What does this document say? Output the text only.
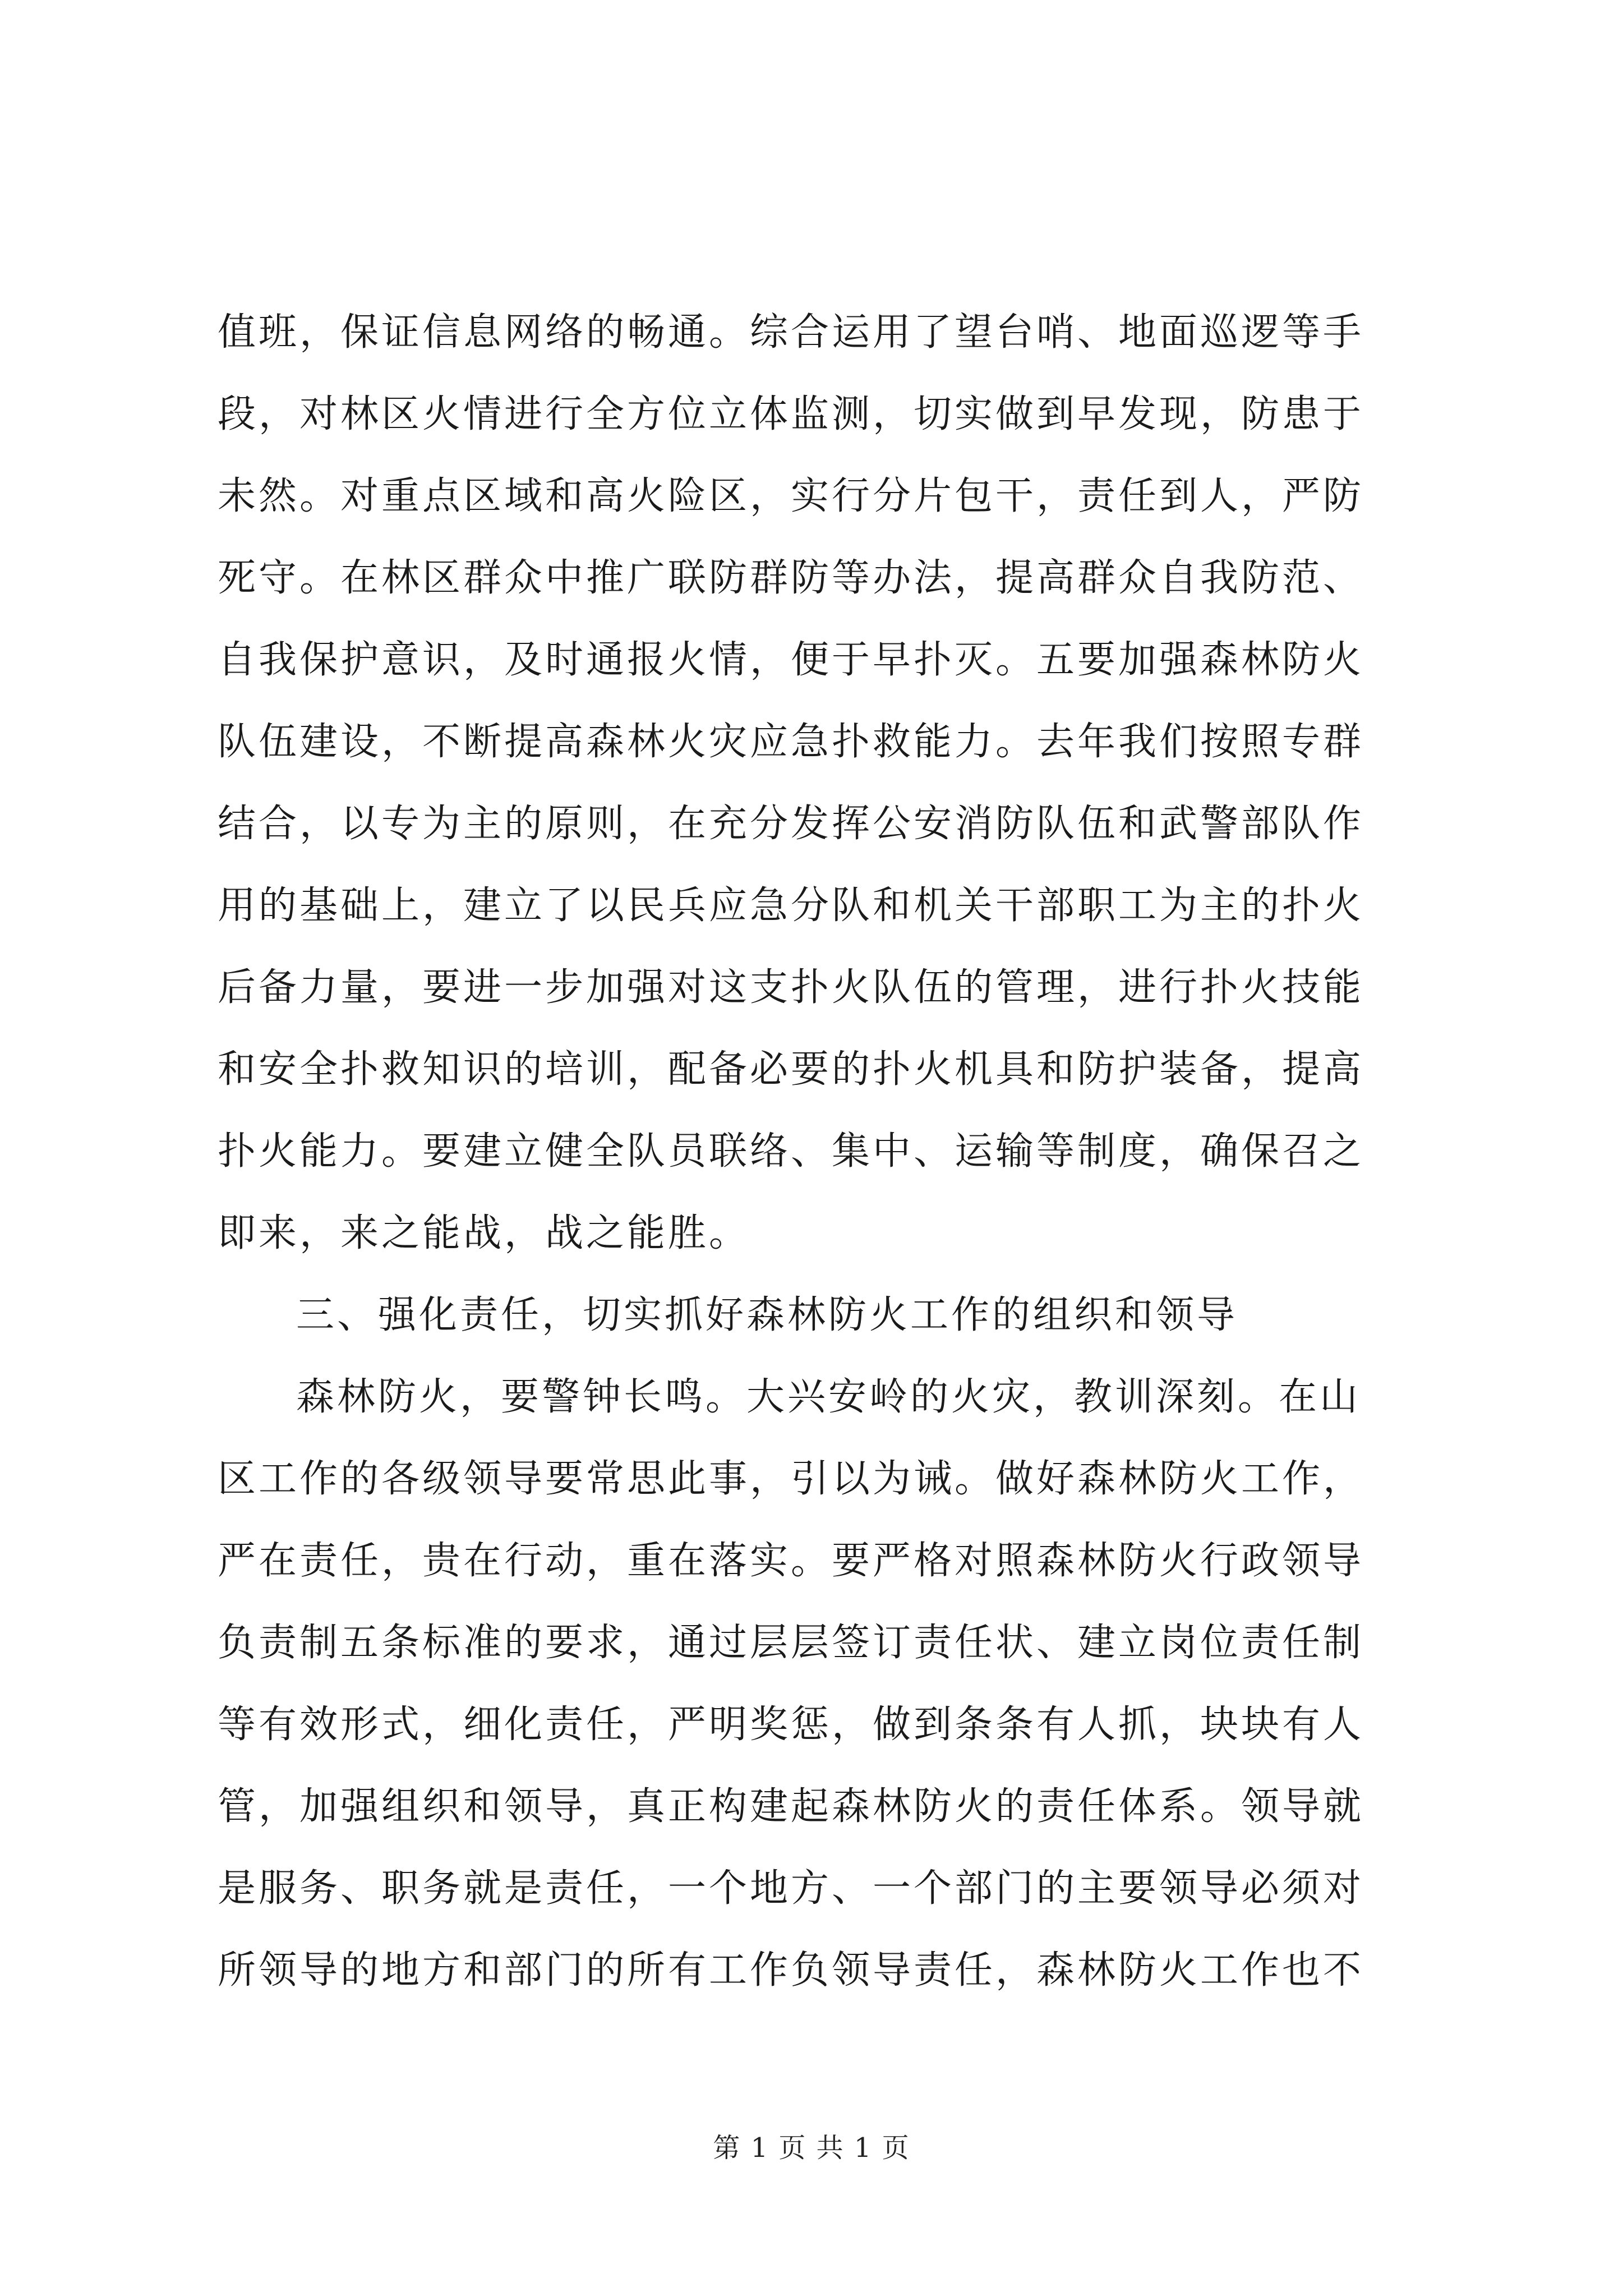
值班，保证信息网络的畅通。综合运用了望台哨、地面巡逻等手
段，对林区火情进行全方位立体监测，切实做到早发现，防患于
未然。对重点区域和高火险区，实行分片包干，责任到人，严防
死守。在林区群众中推广联防群防等办法，提高群众自我防范、
自我保护意识，及时通报火情，便于早扑灭。五要加强森林防火
队伍建设，不断提高森林火灾应急扑救能力。去年我们按照专群
结合，以专为主的原则，在充分发挥公安消防队伍和武警部队作
用的基础上，建立了以民兵应急分队和机关干部职工为主的扑火
后备力量，要进一步加强对这支扑火队伍的管理，进行扑火技能
和安全扑救知识的培训，配备必要的扑火机具和防护装备，提高
扑火能力。要建立健全队员联络、集中、运输等制度，确保召之
即来，来之能战，战之能胜。
三、强化责任，切实抓好森林防火工作的组织和领导
森林防火，要警钟长鸣。大兴安岭的火灾，教训深刻。在山
区工作的各级领导要常思此事，引以为诫。做好森林防火工作，
严在责任，贵在行动，重在落实。要严格对照森林防火行政领导
负责制五条标准的要求，通过层层签订责任状、建立岗位责任制
等有效形式，细化责任，严明奖惩，做到条条有人抓，块块有人
管，加强组织和领导，真正构建起森林防火的责任体系。领导就
是服务、职务就是责任，一个地方、一个部门的主要领导必须对
所领导的地方和部门的所有工作负领导责任，森林防火工作也不
第 1 页 共 1 页
